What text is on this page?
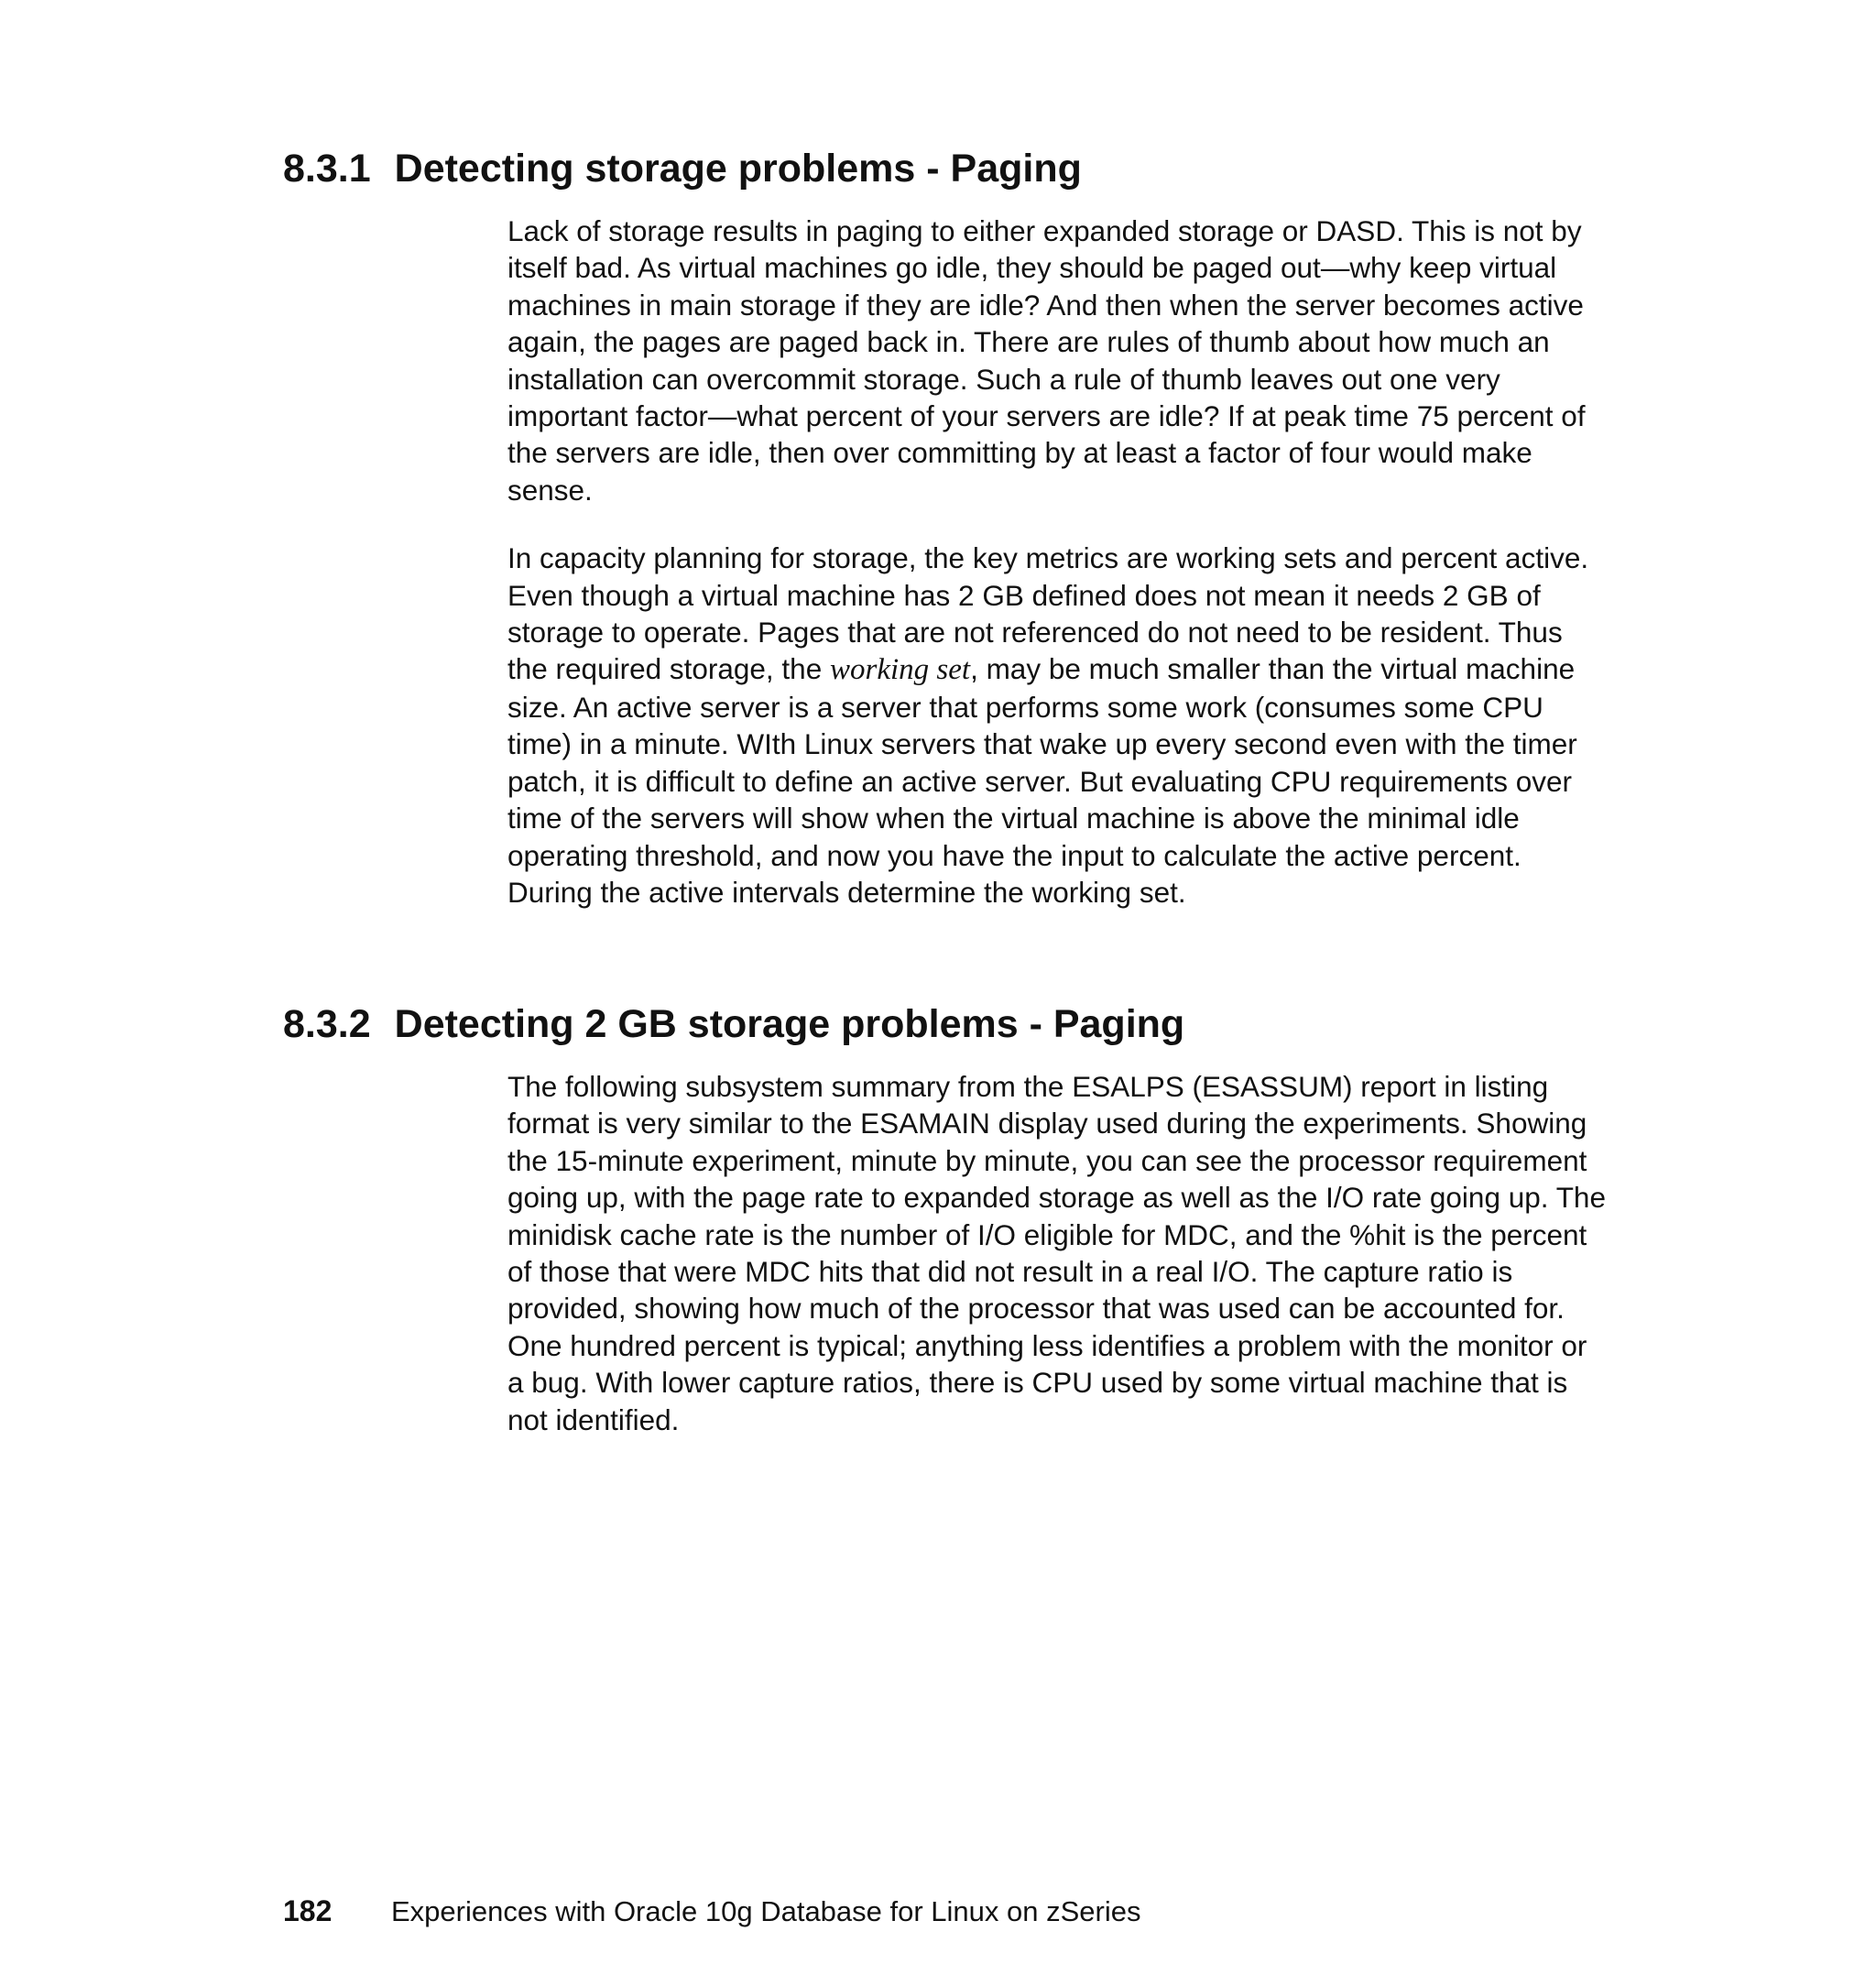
8.3.1 Detecting storage problems - Paging

Lack of storage results in paging to either expanded storage or DASD. This is not by itself bad. As virtual machines go idle, they should be paged out—why keep virtual machines in main storage if they are idle? And then when the server becomes active again, the pages are paged back in. There are rules of thumb about how much an installation can overcommit storage. Such a rule of thumb leaves out one very important factor—what percent of your servers are idle? If at peak time 75 percent of the servers are idle, then over committing by at least a factor of four would make sense.

In capacity planning for storage, the key metrics are working sets and percent active. Even though a virtual machine has 2 GB defined does not mean it needs 2 GB of storage to operate. Pages that are not referenced do not need to be resident. Thus the required storage, the working set, may be much smaller than the virtual machine size. An active server is a server that performs some work (consumes some CPU time) in a minute. WIth Linux servers that wake up every second even with the timer patch, it is difficult to define an active server. But evaluating CPU requirements over time of the servers will show when the virtual machine is above the minimal idle operating threshold, and now you have the input to calculate the active percent. During the active intervals determine the working set.

8.3.2 Detecting 2 GB storage problems - Paging

The following subsystem summary from the ESALPS (ESASSUM) report in listing format is very similar to the ESAMAIN display used during the experiments. Showing the 15-minute experiment, minute by minute, you can see the processor requirement going up, with the page rate to expanded storage as well as the I/O rate going up. The minidisk cache rate is the number of I/O eligible for MDC, and the %hit is the percent of those that were MDC hits that did not result in a real I/O. The capture ratio is provided, showing how much of the processor that was used can be accounted for. One hundred percent is typical; anything less identifies a problem with the monitor or a bug. With lower capture ratios, there is CPU used by some virtual machine that is not identified.

182 Experiences with Oracle 10g Database for Linux on zSeries
